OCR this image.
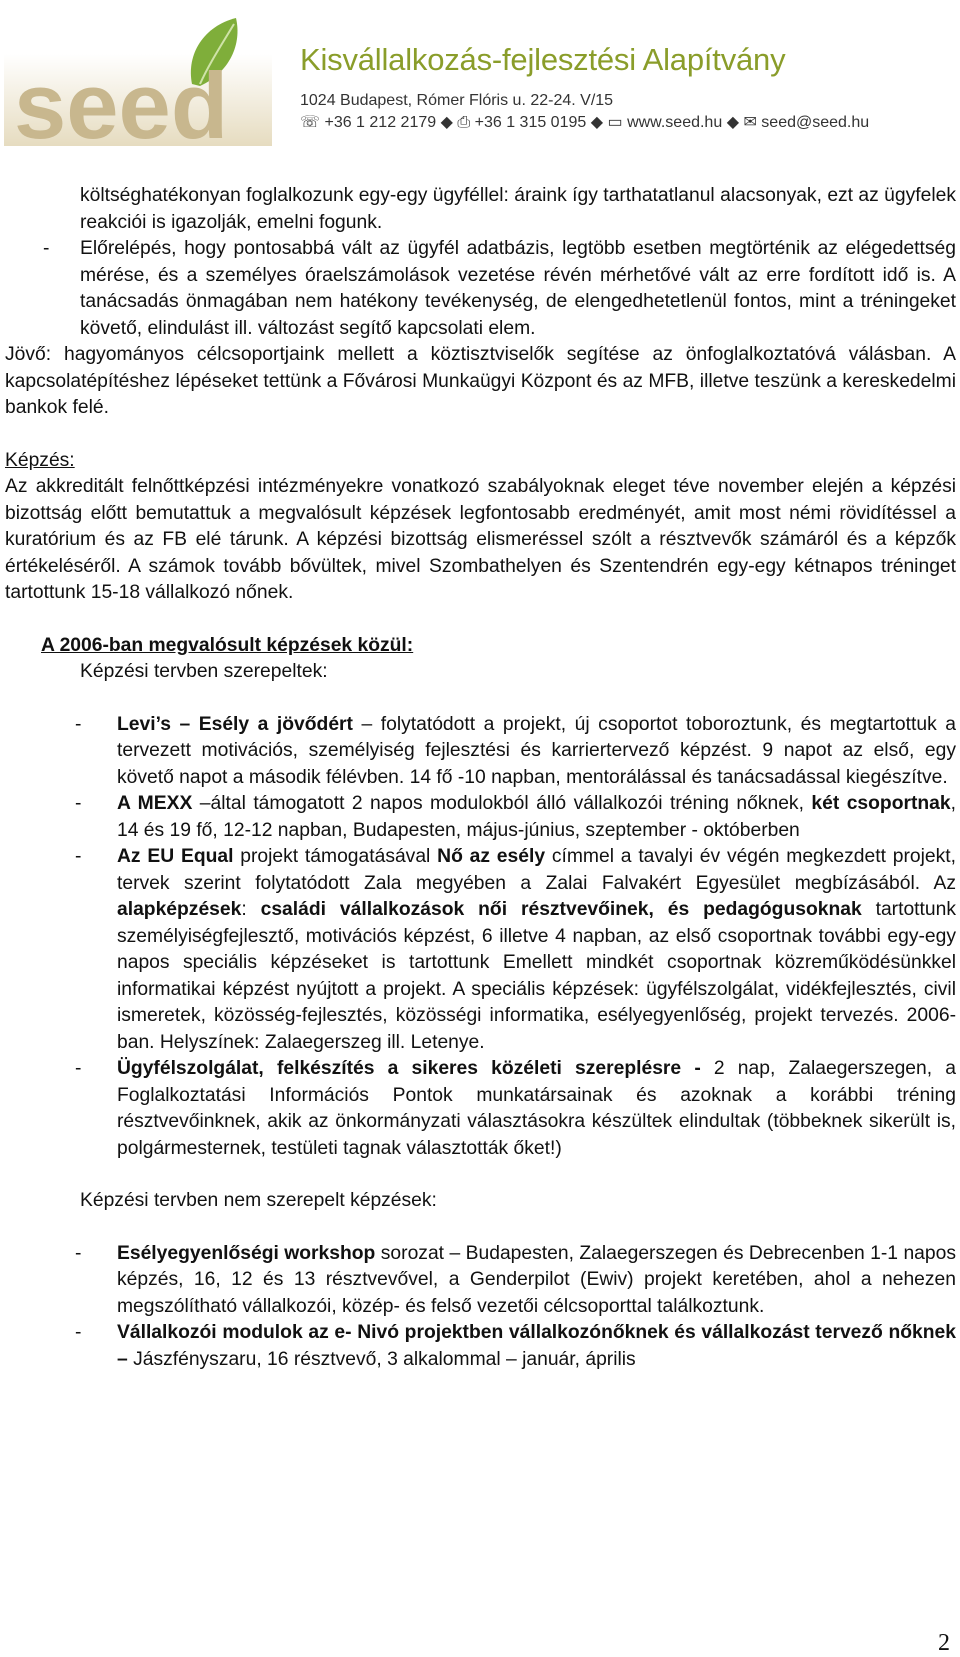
seed Kisvállalkozás-fejlesztési Alapítvány
1024 Budapest, Rómer Flóris u. 22-24. V/15
☏ +36 1 212 2179 ◆ ⎙ +36 1 315 0195 ◆ ▭ www.seed.hu ◆ ✉ seed@seed.hu

költséghatékonyan foglalkozunk egy-egy ügyféllel: áraink így tarthatatlanul alacsonyak, ezt az ügyfelek reakciói is igazolják, emelni fogunk.

- Előrelépés, hogy pontosabbá vált az ügyfél adatbázis, legtöbb esetben megtörténik az elégedettség mérése, és a személyes óraelszámolások vezetése révén mérhetővé vált az erre fordított idő is. A tanácsadás önmagában nem hatékony tevékenység, de elengedhetetlenül fontos, mint a tréningeket követő, elindulást ill. változást segítő kapcsolati elem.

Jövő: hagyományos célcsoportjaink mellett a köztisztviselők segítése az önfoglalkoztatóvá válásban. A kapcsolatépítéshez lépéseket tettünk a Fővárosi Munkaügyi Központ és az MFB, illetve teszünk a kereskedelmi bankok felé.

Képzés:

Az akkreditált felnőttképzési intézményekre vonatkozó szabályoknak eleget téve november elején a képzési bizottság előtt bemutattuk a megvalósult képzések legfontosabb eredményét, amit most némi rövidítéssel a kuratórium és az FB elé tárunk. A képzési bizottság elismeréssel szólt a résztvevők számáról és a képzők értékeléséről. A számok tovább bővültek, mivel Szombathelyen és Szentendrén egy-egy kétnapos tréninget tartottunk 15-18 vállalkozó nőnek.

A 2006-ban megvalósult képzések közül:

Képzési tervben szerepeltek:

- Levi’s – Esély a jövődért – folytatódott a projekt, új csoportot toboroztunk, és megtartottuk a tervezett motivációs, személyiség fejlesztési és karriertervező képzést. 9 napot az első, egy követő napot a második félévben. 14 fő -10 napban, mentorálással és tanácsadással kiegészítve.

- A MEXX –által támogatott 2 napos modulokból álló vállalkozói tréning nőknek, két csoportnak, 14 és 19 fő, 12-12 napban, Budapesten, május-június, szeptember - októberben

- Az EU Equal projekt támogatásával Nő az esély címmel a tavalyi év végén megkezdett projekt, tervek szerint folytatódott Zala megyében a Zalai Falvakért Egyesület megbízásából. Az alapképzések: családi vállalkozások női résztvevőinek, és pedagógusoknak tartottunk személyiségfejlesztő, motivációs képzést, 6 illetve 4 napban, az első csoportnak további egy-egy napos speciális képzéseket is tartottunk Emellett mindkét csoportnak közreműködésünkkel informatikai képzést nyújtott a projekt. A speciális képzések: ügyfélszolgálat, vidékfejlesztés, civil ismeretek, közösség-fejlesztés, közösségi informatika, esélyegyenlőség, projekt tervezés. 2006-ban. Helyszínek: Zalaegerszeg ill. Letenye.

- Ügyfélszolgálat, felkészítés a sikeres közéleti szereplésre - 2 nap, Zalaegerszegen, a Foglalkoztatási Információs Pontok munkatársainak és azoknak a korábbi tréning résztvevőinknek, akik az önkormányzati választásokra készültek elindultak (többeknek sikerült is, polgármesternek, testületi tagnak választották őket!)

Képzési tervben nem szerepelt képzések:

- Esélyegyenlőségi workshop sorozat – Budapesten, Zalaegerszegen és Debrecenben 1-1 napos képzés, 16, 12 és 13 résztvevővel, a Genderpilot (Ewiv) projekt keretében, ahol a nehezen megszólítható vállalkozói, közép- és felső vezetői célcsoporttal találkoztunk.

- Vállalkozói modulok az e- Nivó projektben vállalkozónőknek és vállalkozást tervező nőknek – Jászfényszaru, 16 résztvevő, 3 alkalommal – január, április

2
